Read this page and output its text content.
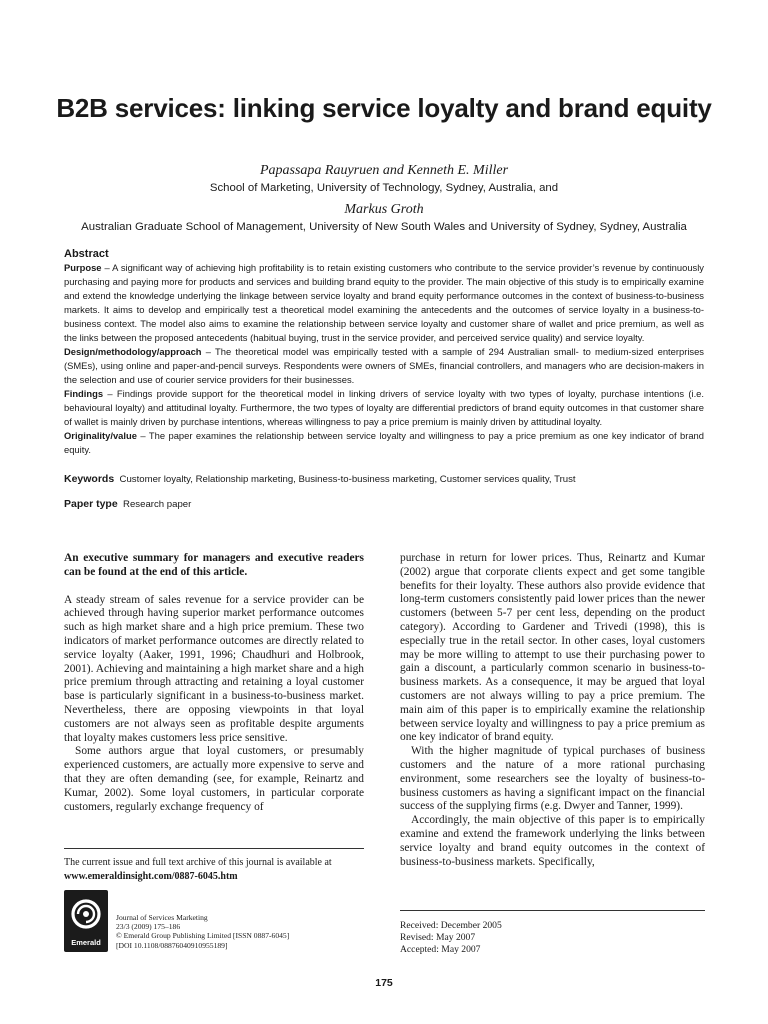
B2B services: linking service loyalty and brand equity
Papassapa Rauyruen and Kenneth E. Miller
School of Marketing, University of Technology, Sydney, Australia, and
Markus Groth
Australian Graduate School of Management, University of New South Wales and University of Sydney, Sydney, Australia
Abstract

Purpose – A significant way of achieving high profitability is to retain existing customers who contribute to the service provider’s revenue by continuously purchasing and paying more for products and services and building brand equity to the provider. The main objective of this study is to empirically examine and extend the knowledge underlying the linkage between service loyalty and brand equity performance outcomes in the context of business-to-business markets. It aims to develop and empirically test a theoretical model examining the antecedents and the outcomes of service loyalty in a business-to-business context. The model also aims to examine the relationship between service loyalty and customer share of wallet and price premium, as well as the links between the proposed antecedents (habitual buying, trust in the service provider, and perceived service quality) and service loyalty.

Design/methodology/approach – The theoretical model was empirically tested with a sample of 294 Australian small- to medium-sized enterprises (SMEs), using online and paper-and-pencil surveys. Respondents were owners of SMEs, financial controllers, and managers who are decision-makers in the selection and use of courier service providers for their businesses.

Findings – Findings provide support for the theoretical model in linking drivers of service loyalty with two types of loyalty, purchase intentions (i.e. behavioural loyalty) and attitudinal loyalty. Furthermore, the two types of loyalty are differential predictors of brand equity outcomes in that customer share of wallet is mainly driven by purchase intentions, whereas willingness to pay a price premium is mainly driven by attitudinal loyalty.

Originality/value – The paper examines the relationship between service loyalty and willingness to pay a price premium as one key indicator of brand equity.

Keywords Customer loyalty, Relationship marketing, Business-to-business marketing, Customer services quality, Trust
Paper type Research paper

An executive summary for managers and executive readers can be found at the end of this article.

A steady stream of sales revenue for a service provider can be achieved through having superior market performance outcomes such as high market share and a high price premium. These two indicators of market performance outcomes are directly related to service loyalty (Aaker, 1991, 1996; Chaudhuri and Holbrook, 2001). Achieving and maintaining a high market share and a high price premium through attracting and retaining a loyal customer base is particularly significant in a business-to-business market. Nevertheless, there are opposing viewpoints in that loyal customers are not always seen as profitable despite arguments that loyalty makes customers less price sensitive.

Some authors argue that loyal customers, or presumably experienced customers, are actually more expensive to serve and that they are often demanding (see, for example, Reinartz and Kumar, 2002). Some loyal customers, in particular corporate customers, regularly exchange frequency of

purchase in return for lower prices. Thus, Reinartz and Kumar (2002) argue that corporate clients expect and get some tangible benefits for their loyalty. These authors also provide evidence that long-term customers consistently paid lower prices than the newer customers (between 5-7 per cent less, depending on the product category). According to Gardener and Trivedi (1998), this is especially true in the retail sector. In other cases, loyal customers may be more willing to attempt to use their purchasing power to gain a discount, a particularly common scenario in business-to-business markets. As a consequence, it may be argued that loyal customers are not always willing to pay a price premium. The main aim of this paper is to empirically examine the relationship between service loyalty and willingness to pay a price premium as one key indicator of brand equity.

With the higher magnitude of typical purchases of business customers and the nature of a more rational purchasing environment, some researchers see the loyalty of business-to-business customers as having a significant impact on the financial success of the supplying firms (e.g. Dwyer and Tanner, 1999).

Accordingly, the main objective of this paper is to empirically examine and extend the framework underlying the links between service loyalty and brand equity outcomes in the context of business-to-business markets. Specifically,

The current issue and full text archive of this journal is available at
www.emeraldinsight.com/0887-6045.htm
Emerald
Journal of Services Marketing
23/3 (2009) 175–186
© Emerald Group Publishing Limited [ISSN 0887-6045]
[DOI 10.1108/08876040910955189]
Received: December 2005
Revised: May 2007
Accepted: May 2007
175
